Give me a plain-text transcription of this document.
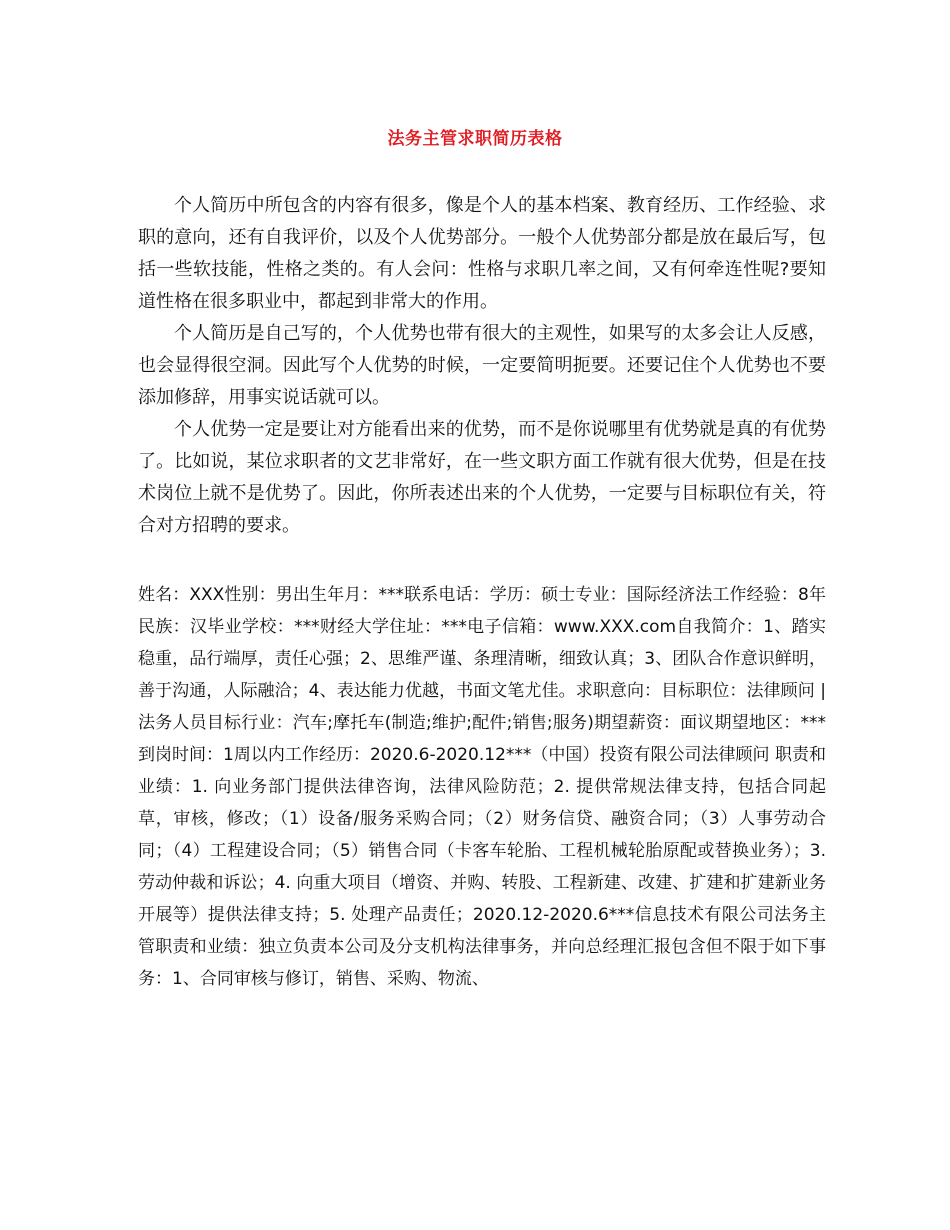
法务主管求职简历表格

个人简历中所包含的内容有很多，像是个人的基本档案、教育经历、工作经验、求职的意向，还有自我评价，以及个人优势部分。一般个人优势部分都是放在最后写，包括一些软技能，性格之类的。有人会问：性格与求职几率之间，又有何牵连性呢?要知道性格在很多职业中，都起到非常大的作用。

个人简历是自己写的，个人优势也带有很大的主观性，如果写的太多会让人反感，也会显得很空洞。因此写个人优势的时候，一定要简明扼要。还要记住个人优势也不要添加修辞，用事实说话就可以。

个人优势一定是要让对方能看出来的优势，而不是你说哪里有优势就是真的有优势了。比如说，某位求职者的文艺非常好，在一些文职方面工作就有很大优势，但是在技术岗位上就不是优势了。因此，你所表述出来的个人优势，一定要与目标职位有关，符合对方招聘的要求。

姓名：XXX性别：男出生年月：***联系电话：学历：硕士专业：国际经济法工作经验：8年民族：汉毕业学校：***财经大学住址：***电子信箱：www.XXX.com自我简介：1、踏实稳重，品行端厚，责任心强；2、思维严谨、条理清晰，细致认真；3、团队合作意识鲜明，善于沟通，人际融洽；4、表达能力优越，书面文笔尤佳。求职意向：目标职位：法律顾问 | 法务人员目标行业：汽车;摩托车(制造;维护;配件;销售;服务)期望薪资：面议期望地区：***到岗时间：1周以内工作经历：2020.6-2020.12***（中国）投资有限公司法律顾问 职责和业绩：1. 向业务部门提供法律咨询，法律风险防范；2. 提供常规法律支持，包括合同起草，审核，修改；（1）设备/服务采购合同；（2）财务信贷、融资合同；（3）人事劳动合同；（4）工程建设合同；（5）销售合同（卡客车轮胎、工程机械轮胎原配或替换业务）；3. 劳动仲裁和诉讼；4. 向重大项目（增资、并购、转股、工程新建、改建、扩建和扩建新业务开展等）提供法律支持；5. 处理产品责任；2020.12-2020.6***信息技术有限公司法务主管职责和业绩：独立负责本公司及分支机构法律事务，并向总经理汇报包含但不限于如下事务：1、合同审核与修订，销售、采购、物流、
